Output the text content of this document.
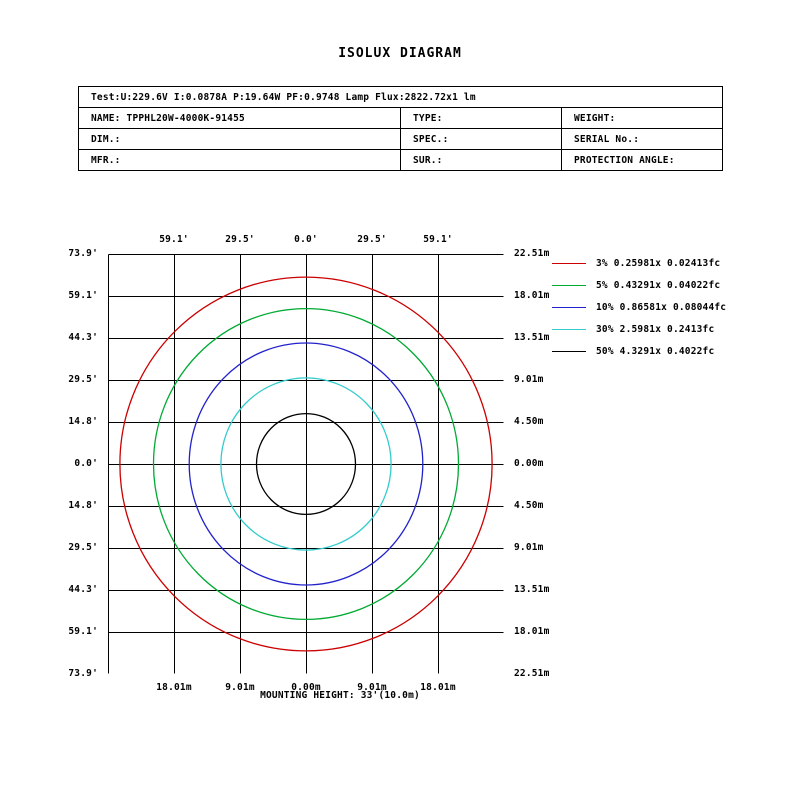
ISOLUX DIAGRAM
Test:U:229.6V I:0.0878A P:19.64W PF:0.9748 Lamp Flux:2822.72x1 lm		
NAME: TPPHL20W-4000K-91455	TYPE:	WEIGHT:
DIM.:	SPEC.:	SERIAL No.:
MFR.:	SUR.:	PROTECTION ANGLE:
59.1'	29.5'	0.0'	29.5'	59.1'
18.01m	9.01m	0.00m	9.01m	18.01m
73.9'
59.1'
44.3'
29.5'
14.8'
0.0'
14.8'
29.5'
44.3'
59.1'
73.9'
22.51m
18.01m
13.51m
9.01m
4.50m
0.00m
4.50m
9.01m
13.51m
18.01m
22.51m
MOUNTING HEIGHT: 33'(10.0m)
3% 0.25981x 0.02413fc
5% 0.43291x 0.04022fc
10% 0.86581x 0.08044fc
30% 2.5981x 0.2413fc
50% 4.3291x 0.4022fc
